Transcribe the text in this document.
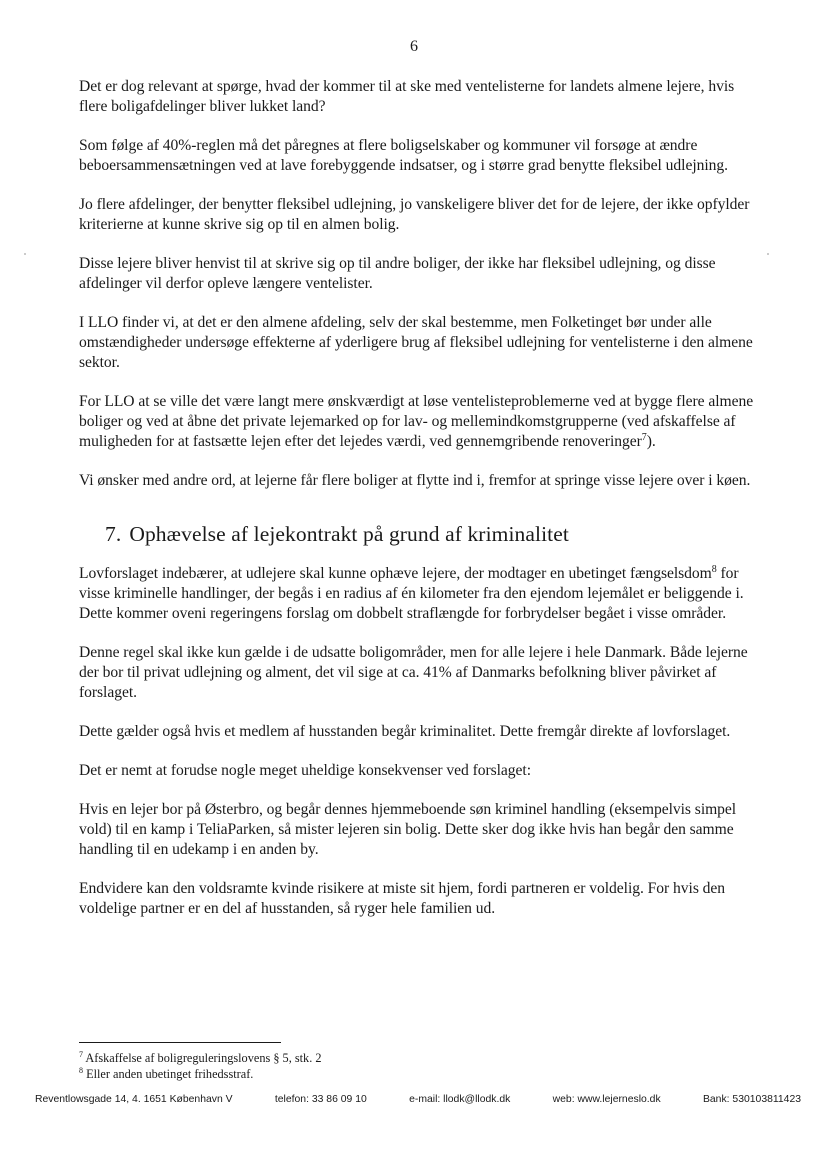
6

Det er dog relevant at spørge, hvad der kommer til at ske med ventelisterne for landets almene lejere, hvis flere boligafdelinger bliver lukket land?

Som følge af 40%-reglen må det påregnes at flere boligselskaber og kommuner vil forsøge at ændre beboersammensætningen ved at lave forebyggende indsatser, og i større grad benytte fleksibel udlejning.

Jo flere afdelinger, der benytter fleksibel udlejning, jo vanskeligere bliver det for de lejere, der ikke opfylder kriterierne at kunne skrive sig op til en almen bolig.

Disse lejere bliver henvist til at skrive sig op til andre boliger, der ikke har fleksibel udlejning, og disse afdelinger vil derfor opleve længere ventelister.

I LLO finder vi, at det er den almene afdeling, selv der skal bestemme, men Folketinget bør under alle omstændigheder undersøge effekterne af yderligere brug af fleksibel udlejning for ventelisterne i den almene sektor.

For LLO at se ville det være langt mere ønskværdigt at løse ventelisteproblemerne ved at bygge flere almene boliger og ved at åbne det private lejemarked op for lav- og mellemindkomstgrupperne (ved afskaffelse af muligheden for at fastsætte lejen efter det lejedes værdi, ved gennemgribende renoveringer$^7$).

Vi ønsker med andre ord, at lejerne får flere boliger at flytte ind i, fremfor at springe visse lejere over i køen.

7. Ophævelse af lejekontrakt på grund af kriminalitet

Lovforslaget indebærer, at udlejere skal kunne ophæve lejere, der modtager en ubetinget fængselsdom$^8$ for visse kriminelle handlinger, der begås i en radius af én kilometer fra den ejendom lejemålet er beliggende i. Dette kommer oveni regeringens forslag om dobbelt straflængde for forbrydelser begået i visse områder.

Denne regel skal ikke kun gælde i de udsatte boligområder, men for alle lejere i hele Danmark. Både lejerne der bor til privat udlejning og alment, det vil sige at ca. 41% af Danmarks befolkning bliver påvirket af forslaget.

Dette gælder også hvis et medlem af husstanden begår kriminalitet. Dette fremgår direkte af lovforslaget.

Det er nemt at forudse nogle meget uheldige konsekvenser ved forslaget:

Hvis en lejer bor på Østerbro, og begår dennes hjemmeboende søn kriminel handling (eksempelvis simpel vold) til en kamp i TeliaParken, så mister lejeren sin bolig. Dette sker dog ikke hvis han begår den samme handling til en udekamp i en anden by.

Endvidere kan den voldsramte kvinde risikere at miste sit hjem, fordi partneren er voldelig. For hvis den voldelige partner er en del af husstanden, så ryger hele familien ud.

$^7$ Afskaffelse af boligreguleringslovens § 5, stk. 2

$^8$ Eller anden ubetinget frihedsstraf.

Reventlowsgade 14, 4. 1651 København V	telefon: 33 86 09 10	e-mail: llodk@llodk.dk	web: www.lejerneslo.dk	Bank: 530103811423
